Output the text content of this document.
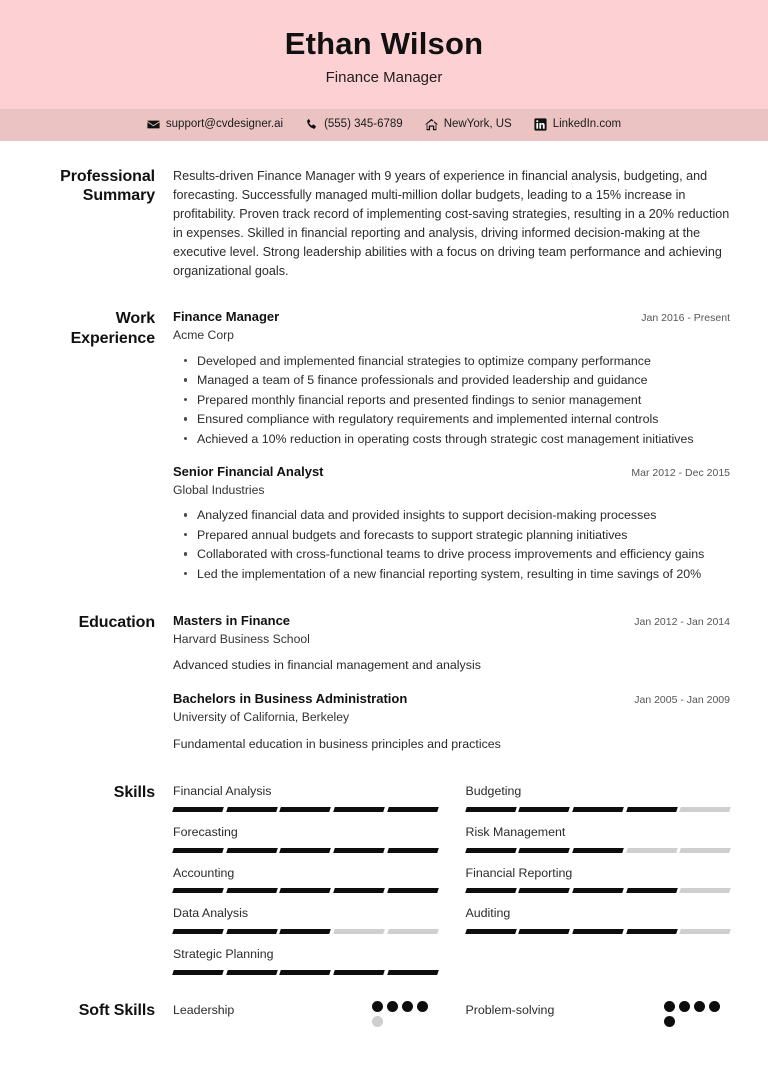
Ethan Wilson
Finance Manager
support@cvdesigner.ai	(555) 345-6789	NewYork, US	LinkedIn.com
Professional Summary
Results-driven Finance Manager with 9 years of experience in financial analysis, budgeting, and forecasting. Successfully managed multi-million dollar budgets, leading to a 15% increase in profitability. Proven track record of implementing cost-saving strategies, resulting in a 20% reduction in expenses. Skilled in financial reporting and analysis, driving informed decision-making at the executive level. Strong leadership abilities with a focus on driving team performance and achieving organizational goals.
Work Experience
Finance Manager	Jan 2016 - Present
Acme Corp
Developed and implemented financial strategies to optimize company performance
Managed a team of 5 finance professionals and provided leadership and guidance
Prepared monthly financial reports and presented findings to senior management
Ensured compliance with regulatory requirements and implemented internal controls
Achieved a 10% reduction in operating costs through strategic cost management initiatives
Senior Financial Analyst	Mar 2012 - Dec 2015
Global Industries
Analyzed financial data and provided insights to support decision-making processes
Prepared annual budgets and forecasts to support strategic planning initiatives
Collaborated with cross-functional teams to drive process improvements and efficiency gains
Led the implementation of a new financial reporting system, resulting in time savings of 20%
Education	Masters in Finance	Jan 2012 - Jan 2014
Harvard Business School
Advanced studies in financial management and analysis
Bachelors in Business Administration	Jan 2005 - Jan 2009
University of California, Berkeley
Fundamental education in business principles and practices
Skills	Financial Analysis	Budgeting
Forecasting	Risk Management
Accounting	Financial Reporting
Data Analysis	Auditing
Strategic Planning
Soft Skills	Leadership	Problem-solving
